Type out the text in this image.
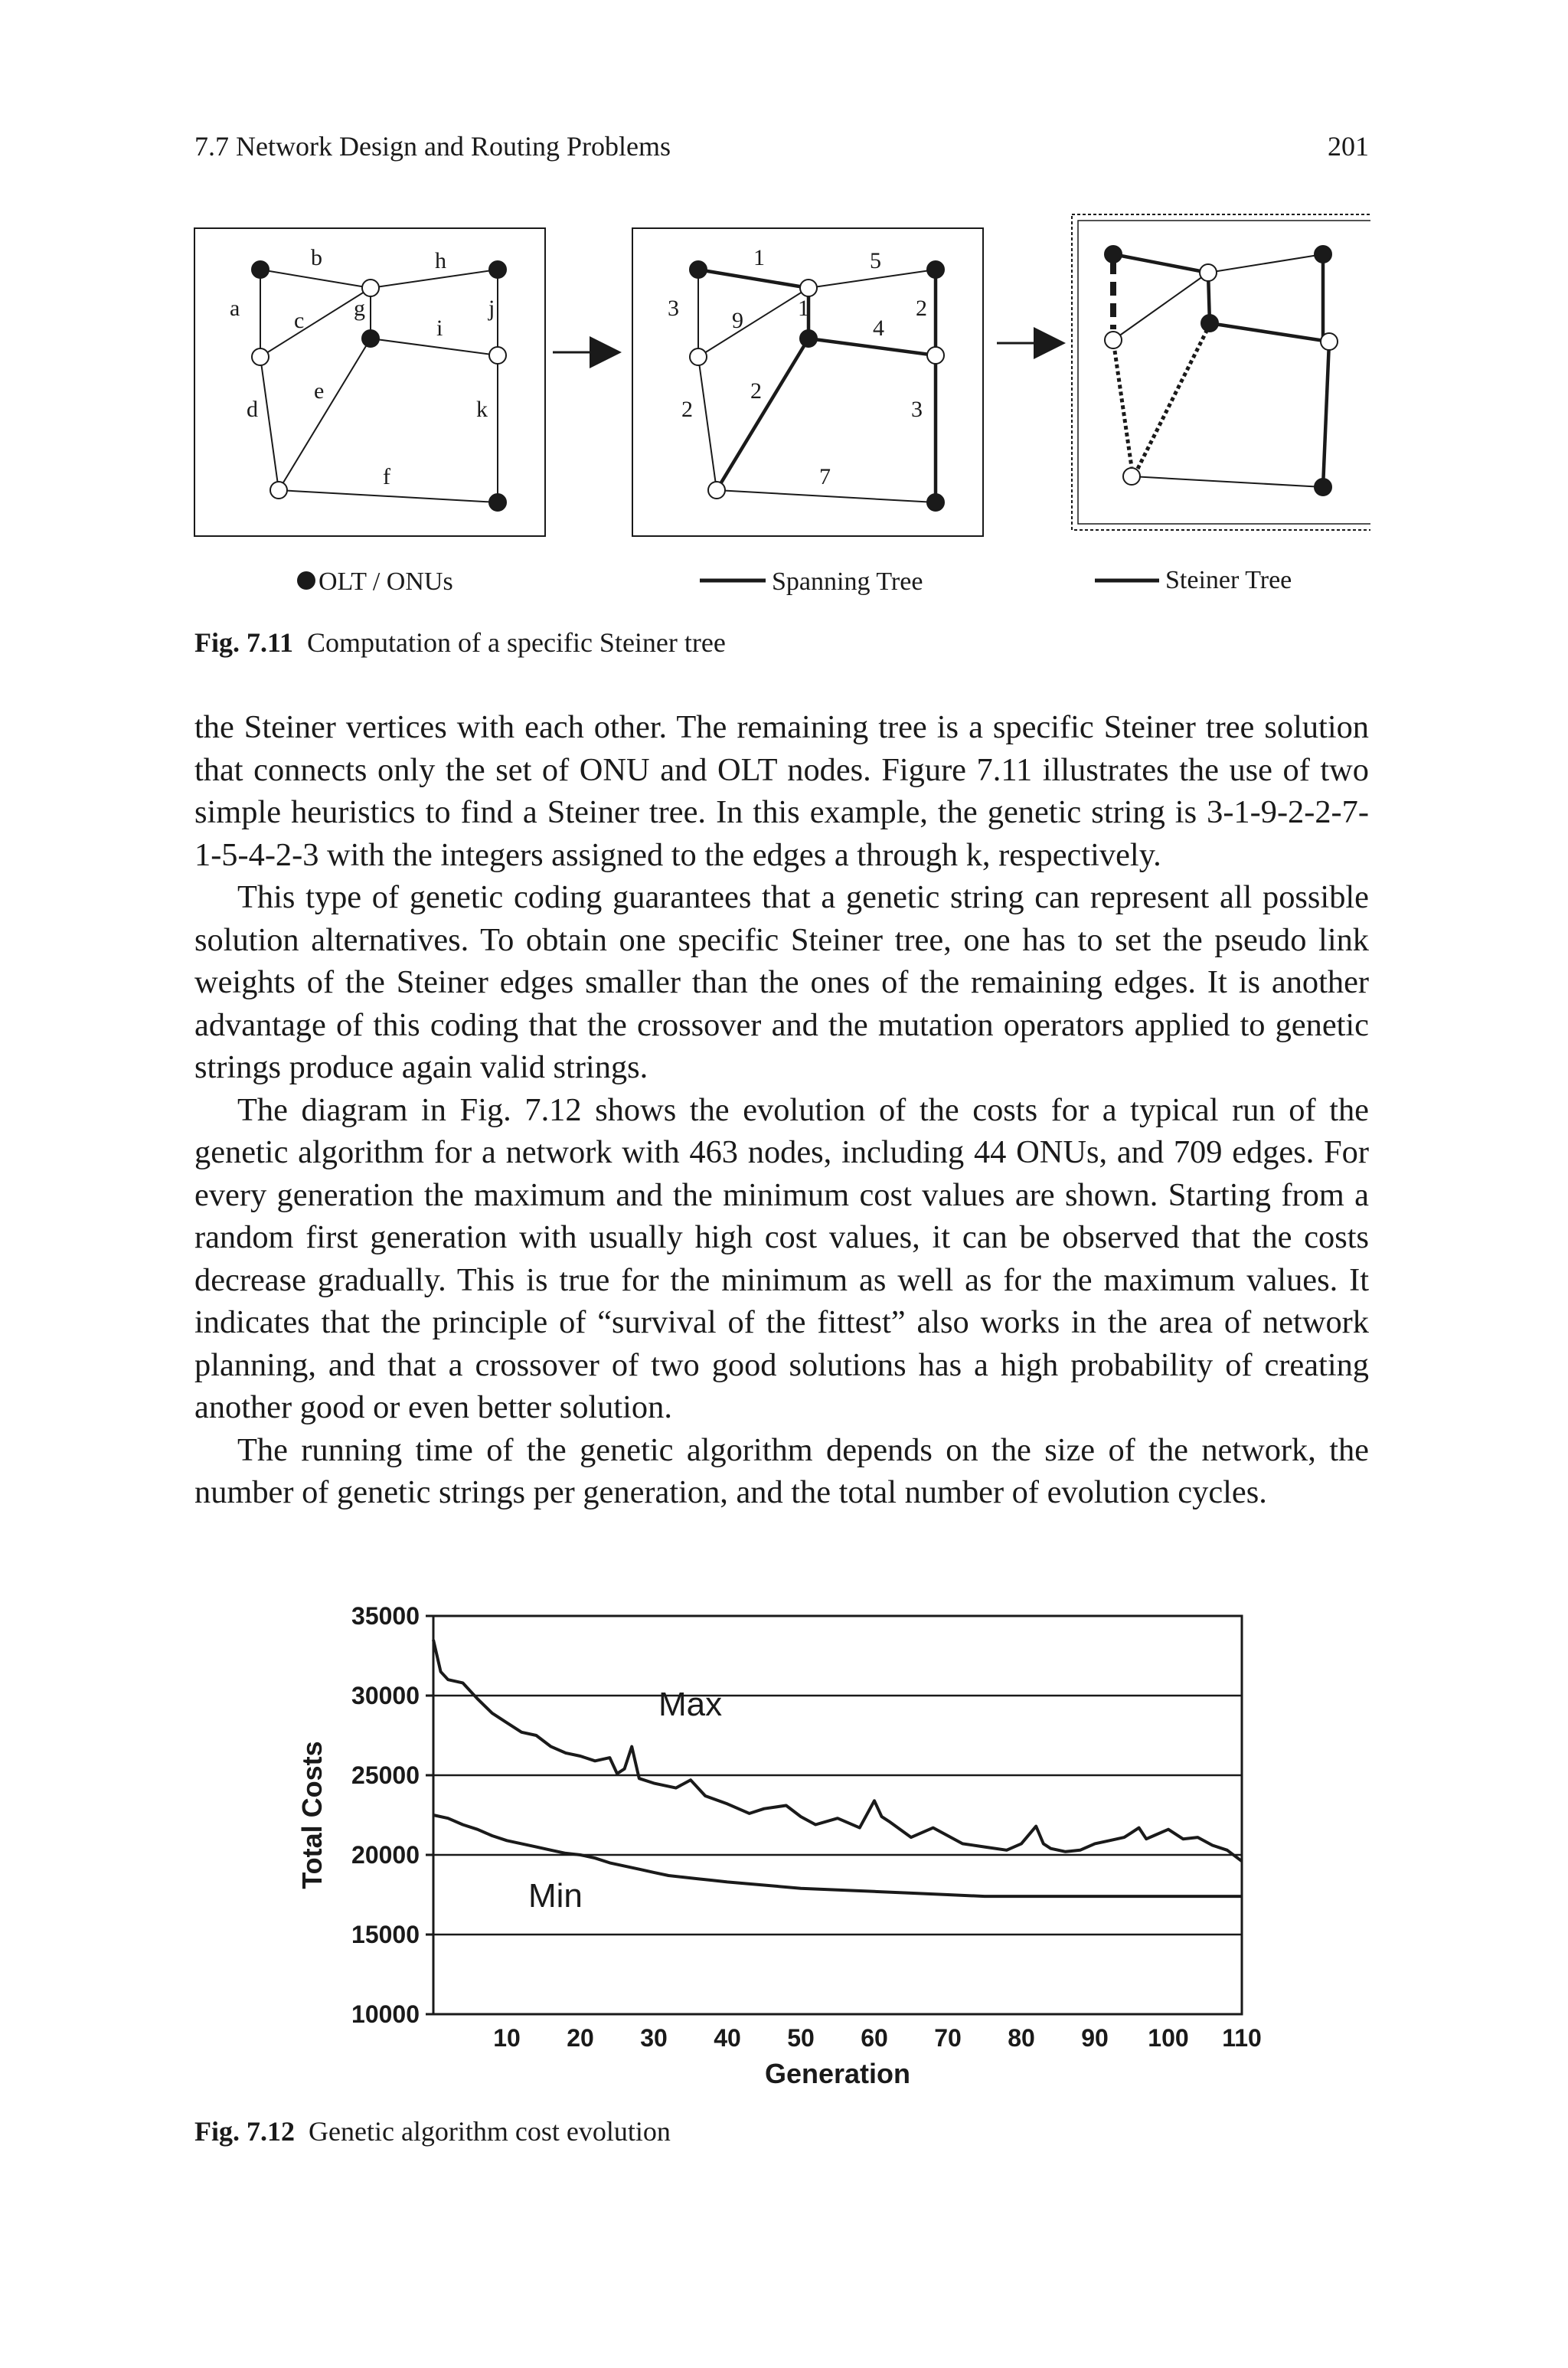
7.7 Network Design and Routing Problems	201
a
b
c
d
e
f
g
h
i
j
k
3
1
9
5
2
4
2
2	3
7
1
OLT / ONUs	Spanning Tree	Steiner Tree
Fig. 7.11 Computation of a specific Steiner tree

the Steiner vertices with each other. The remaining tree is a specific Steiner tree solution that connects only the set of ONU and OLT nodes. Figure 7.11 illustrates the use of two simple heuristics to find a Steiner tree. In this example, the genetic string is 3-1-9-2-2-7-1-5-4-2-3 with the integers assigned to the edges a through k, respectively.

This type of genetic coding guarantees that a genetic string can represent all possible solution alternatives. To obtain one specific Steiner tree, one has to set the pseudo link weights of the Steiner edges smaller than the ones of the remaining edges. It is another advantage of this coding that the crossover and the mutation operators applied to genetic strings produce again valid strings.

The diagram in Fig. 7.12 shows the evolution of the costs for a typical run of the genetic algorithm for a network with 463 nodes, including 44 ONUs, and 709 edges. For every generation the maximum and the minimum cost values are shown. Starting from a random first generation with usually high cost values, it can be observed that the costs decrease gradually. This is true for the minimum as well as for the maximum values. It indicates that the principle of “survival of the fittest” also works in the area of network planning, and that a crossover of two good solutions has a high probability of creating another good or even better solution.

The running time of the genetic algorithm depends on the size of the network, the number of genetic strings per generation, and the total number of evolution cycles.

35000
30000
25000
20000
15000
10000
10 20 30 40 50 60 70 80 90 100 110
Max
Min
Generation
Total Costs
Fig. 7.12 Genetic algorithm cost evolution
